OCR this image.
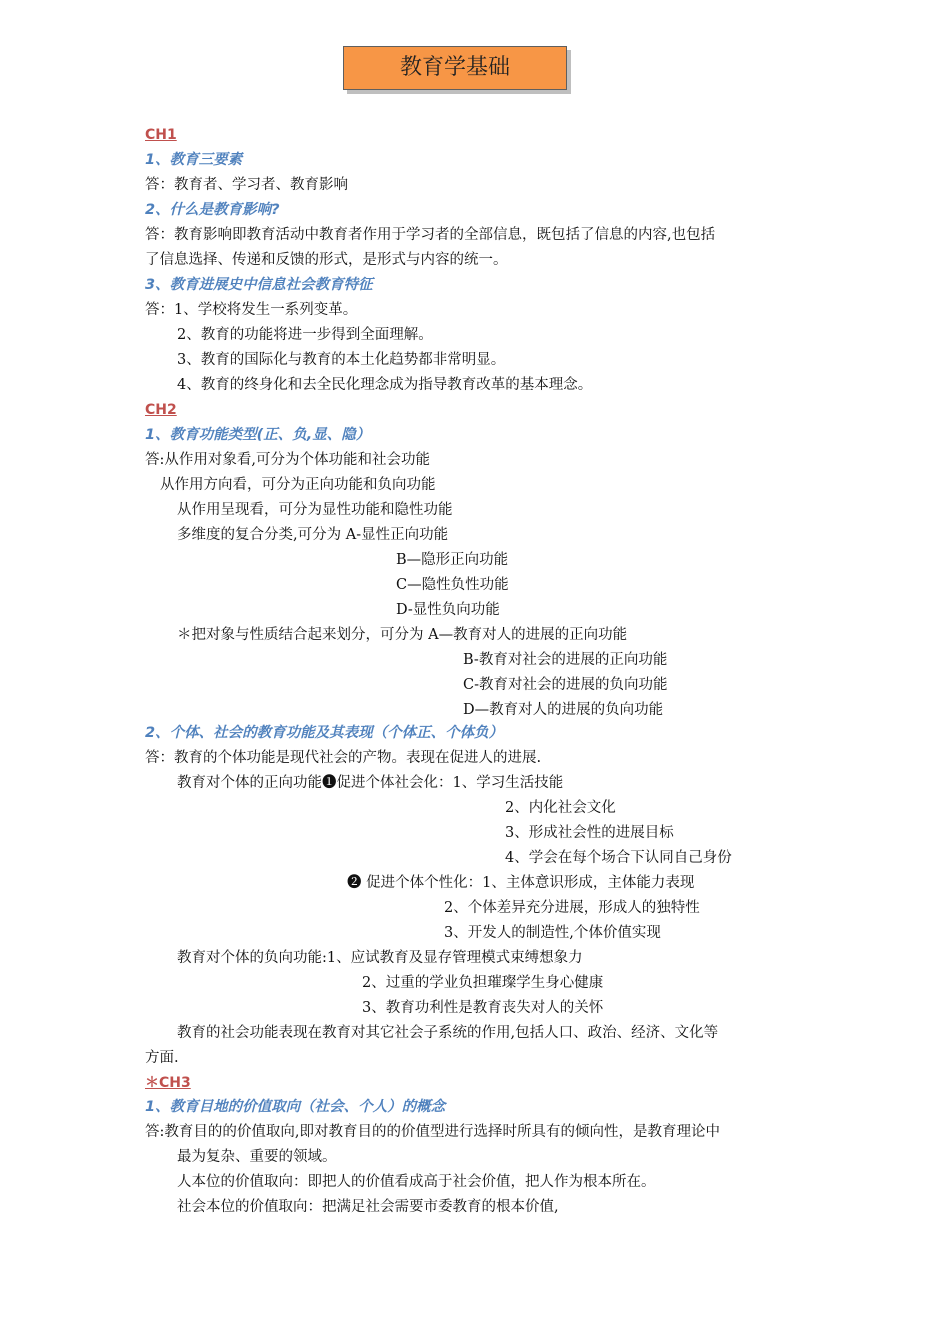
教育学基础
CH1
1、教育三要素
答：教育者、学习者、教育影响
2、什么是教育影响?
答：教育影响即教育活动中教育者作用于学习者的全部信息，既包括了信息的内容,也包括
了信息选择、传递和反馈的形式，是形式与内容的统一。
3、教育进展史中信息社会教育特征
答：1、学校将发生一系列变革。
2、教育的功能将进一步得到全面理解。
3、教育的国际化与教育的本土化趋势都非常明显。
4、教育的终身化和去全民化理念成为指导教育改革的基本理念。
CH2
1、教育功能类型(正、负,显、隐）
答:从作用对象看,可分为个体功能和社会功能
从作用方向看，可分为正向功能和负向功能
从作用呈现看，可分为显性功能和隐性功能
多维度的复合分类,可分为 A-显性正向功能
B—隐形正向功能
C—隐性负性功能
D-显性负向功能
＊把对象与性质结合起来划分，可分为 A—教育对人的进展的正向功能
B-教育对社会的进展的正向功能
C-教育对社会的进展的负向功能
D—教育对人的进展的负向功能
2、个体、社会的教育功能及其表现（个体正、个体负）
答：教育的个体功能是现代社会的产物。表现在促进人的进展.
教育对个体的正向功能❶促进个体社会化：1、学习生活技能
2、内化社会文化
3、形成社会性的进展目标
4、学会在每个场合下认同自己身份
❷ 促进个体个性化：1、主体意识形成，主体能力表现
2、个体差异充分进展，形成人的独特性
3、开发人的制造性,个体价值实现
教育对个体的负向功能:1、应试教育及显存管理模式束缚想象力
2、过重的学业负担璀璨学生身心健康
3、教育功利性是教育丧失对人的关怀
教育的社会功能表现在教育对其它社会子系统的作用,包括人口、政治、经济、文化等
方面.
＊CH3
1、教育目地的价值取向（社会、个人）的概念
答:教育目的的价值取向,即对教育目的的价值型进行选择时所具有的倾向性，是教育理论中
最为复杂、重要的领域。
人本位的价值取向：即把人的价值看成高于社会价值，把人作为根本所在。
社会本位的价值取向：把满足社会需要市委教育的根本价值,
